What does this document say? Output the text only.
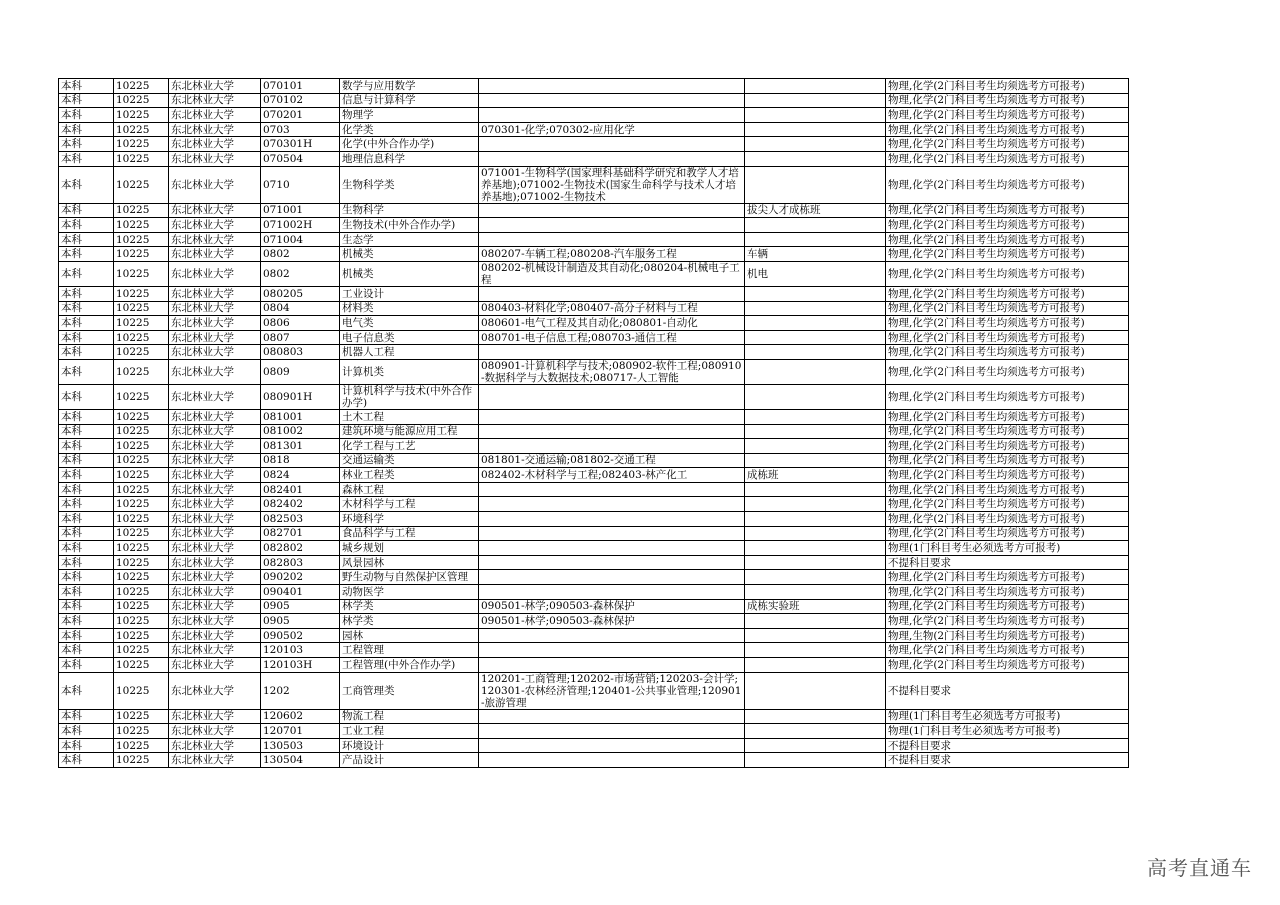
本科	10225	东北林业大学	070101	数学与应用数学			物理,化学(2门科目考生均须选考方可报考)
本科	10225	东北林业大学	070102	信息与计算科学			物理,化学(2门科目考生均须选考方可报考)
本科	10225	东北林业大学	070201	物理学			物理,化学(2门科目考生均须选考方可报考)
本科	10225	东北林业大学	0703	化学类	070301-化学;070302-应用化学		物理,化学(2门科目考生均须选考方可报考)
本科	10225	东北林业大学	070301H	化学(中外合作办学)			物理,化学(2门科目考生均须选考方可报考)
本科	10225	东北林业大学	070504	地理信息科学			物理,化学(2门科目考生均须选考方可报考)
本科	10225	东北林业大学	0710	生物科学类	071001-生物科学(国家理科基础科学研究和教学人才培养基地);071002-生物技术(国家生命科学与技术人才培养基地);071002-生物技术		物理,化学(2门科目考生均须选考方可报考)
本科	10225	东北林业大学	071001	生物科学		拔尖人才成栋班	物理,化学(2门科目考生均须选考方可报考)
本科	10225	东北林业大学	071002H	生物技术(中外合作办学)			物理,化学(2门科目考生均须选考方可报考)
本科	10225	东北林业大学	071004	生态学			物理,化学(2门科目考生均须选考方可报考)
本科	10225	东北林业大学	0802	机械类	080207-车辆工程;080208-汽车服务工程	车辆	物理,化学(2门科目考生均须选考方可报考)
本科	10225	东北林业大学	0802	机械类	080202-机械设计制造及其自动化;080204-机械电子工程	机电	物理,化学(2门科目考生均须选考方可报考)
本科	10225	东北林业大学	080205	工业设计			物理,化学(2门科目考生均须选考方可报考)
本科	10225	东北林业大学	0804	材料类	080403-材料化学;080407-高分子材料与工程		物理,化学(2门科目考生均须选考方可报考)
本科	10225	东北林业大学	0806	电气类	080601-电气工程及其自动化;080801-自动化		物理,化学(2门科目考生均须选考方可报考)
本科	10225	东北林业大学	0807	电子信息类	080701-电子信息工程;080703-通信工程		物理,化学(2门科目考生均须选考方可报考)
本科	10225	东北林业大学	080803	机器人工程			物理,化学(2门科目考生均须选考方可报考)
本科	10225	东北林业大学	0809	计算机类	080901-计算机科学与技术;080902-软件工程;080910-数据科学与大数据技术;080717-人工智能		物理,化学(2门科目考生均须选考方可报考)
本科	10225	东北林业大学	080901H	计算机科学与技术(中外合作办学)			物理,化学(2门科目考生均须选考方可报考)
本科	10225	东北林业大学	081001	土木工程			物理,化学(2门科目考生均须选考方可报考)
本科	10225	东北林业大学	081002	建筑环境与能源应用工程			物理,化学(2门科目考生均须选考方可报考)
本科	10225	东北林业大学	081301	化学工程与工艺			物理,化学(2门科目考生均须选考方可报考)
本科	10225	东北林业大学	0818	交通运输类	081801-交通运输;081802-交通工程		物理,化学(2门科目考生均须选考方可报考)
本科	10225	东北林业大学	0824	林业工程类	082402-木材科学与工程;082403-林产化工	成栋班	物理,化学(2门科目考生均须选考方可报考)
本科	10225	东北林业大学	082401	森林工程			物理,化学(2门科目考生均须选考方可报考)
本科	10225	东北林业大学	082402	木材科学与工程			物理,化学(2门科目考生均须选考方可报考)
本科	10225	东北林业大学	082503	环境科学			物理,化学(2门科目考生均须选考方可报考)
本科	10225	东北林业大学	082701	食品科学与工程			物理,化学(2门科目考生均须选考方可报考)
本科	10225	东北林业大学	082802	城乡规划			物理(1门科目考生必须选考方可报考)
本科	10225	东北林业大学	082803	风景园林			不提科目要求
本科	10225	东北林业大学	090202	野生动物与自然保护区管理			物理,化学(2门科目考生均须选考方可报考)
本科	10225	东北林业大学	090401	动物医学			物理,化学(2门科目考生均须选考方可报考)
本科	10225	东北林业大学	0905	林学类	090501-林学;090503-森林保护	成栋实验班	物理,化学(2门科目考生均须选考方可报考)
本科	10225	东北林业大学	0905	林学类	090501-林学;090503-森林保护		物理,化学(2门科目考生均须选考方可报考)
本科	10225	东北林业大学	090502	园林			物理,生物(2门科目考生均须选考方可报考)
本科	10225	东北林业大学	120103	工程管理			物理,化学(2门科目考生均须选考方可报考)
本科	10225	东北林业大学	120103H	工程管理(中外合作办学)			物理,化学(2门科目考生均须选考方可报考)
本科	10225	东北林业大学	1202	工商管理类	120201-工商管理;120202-市场营销;120203-会计学;120301-农林经济管理;120401-公共事业管理;120901-旅游管理		不提科目要求
本科	10225	东北林业大学	120602	物流工程			物理(1门科目考生必须选考方可报考)
本科	10225	东北林业大学	120701	工业工程			物理(1门科目考生必须选考方可报考)
本科	10225	东北林业大学	130503	环境设计			不提科目要求
本科	10225	东北林业大学	130504	产品设计			不提科目要求
高考直通车
